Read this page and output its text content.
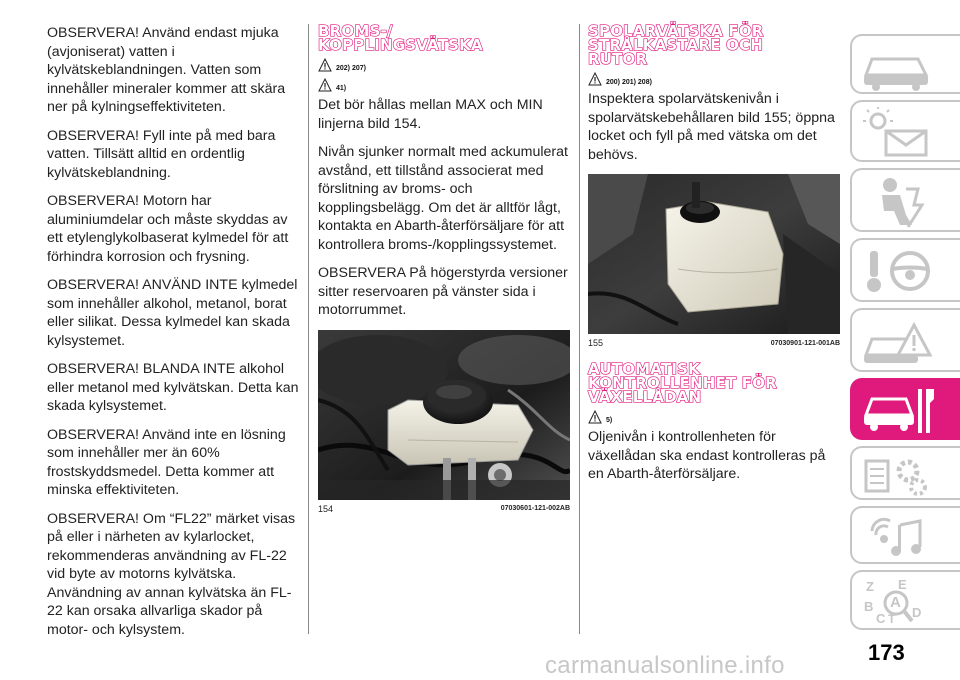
OBSERVERA! Använd endast mjuka (avjoniserat) vatten i kylvätskeblandningen. Vatten som innehåller mineraler kommer att skära ner på kylningseffektiviteten.

OBSERVERA! Fyll inte på med bara vatten. Tillsätt alltid en ordentlig kylvätskeblandning.

OBSERVERA! Motorn har aluminiumdelar och måste skyddas av ett etylenglykolbaserat kylmedel för att förhindra korrosion och frysning.

OBSERVERA! ANVÄND INTE kylmedel som innehåller alkohol, metanol, borat eller silikat. Dessa kylmedel kan skada kylsystemet.

OBSERVERA! BLANDA INTE alkohol eller metanol med kylvätskan. Detta kan skada kylsystemet.

OBSERVERA! Använd inte en lösning som innehåller mer än 60% frostskyddsmedel. Detta kommer att minska effektiviteten.

OBSERVERA! Om “FL22” märket visas på eller i närheten av kylarlocket, rekommenderas användning av FL-22 vid byte av motorns kylvätska. Användning av annan kylvätska än FL-22 kan orsaka allvarliga skador på motor- och kylsystem.

BROMS-/
KOPPLINGSVÄTSKA
202) 207)
41)

Det bör hållas mellan MAX och MIN linjerna bild 154.

Nivån sjunker normalt med ackumulerat avstånd, ett tillstånd associerat med förslitning av broms- och kopplingsbelägg. Om det är alltför lågt, kontakta en Abarth-återförsäljare för att kontrollera broms-/kopplingssystemet.

OBSERVERA På högerstyrda versioner sitter reservoaren på vänster sida i motorrummet.

154	07030601-121-002AB
SPOLARVÄTSKA FÖR
STRÅLKASTARE OCH
RUTOR
200) 201) 208)

Inspektera spolarvätskenivån i spolarvätskebehållaren bild 155; öppna locket och fyll på med vätska om det behövs.

155	07030901-121-001AB
AUTOMATISK
KONTROLLENHET FÖR
VÄXELLÅDAN
5)

Oljenivån i kontrollenheten för växellådan ska endast kontrolleras på en Abarth-återförsäljare.

Z E
A
B
C D
T
173
carmanualsonline.info
